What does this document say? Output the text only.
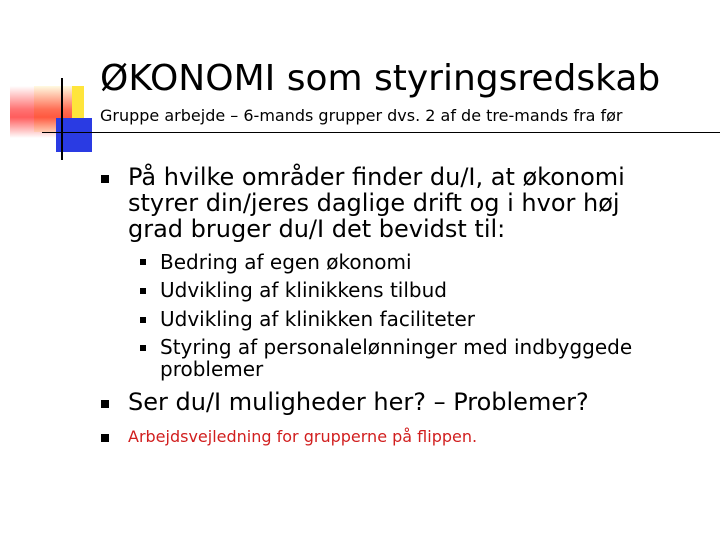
ØKONOMI som styringsredskab
Gruppe arbejde – 6-mands grupper dvs. 2 af de tre-mands fra før
På hvilke områder finder du/I, at økonomi
styrer din/jeres daglige drift og i hvor høj
grad bruger du/I det bevidst til:
Bedring af egen økonomi
Udvikling af klinikkens tilbud
Udvikling af klinikken faciliteter
Styring af personalelønninger med indbyggede
problemer
Ser du/I muligheder her? – Problemer?
Arbejdsvejledning for grupperne på flippen.
